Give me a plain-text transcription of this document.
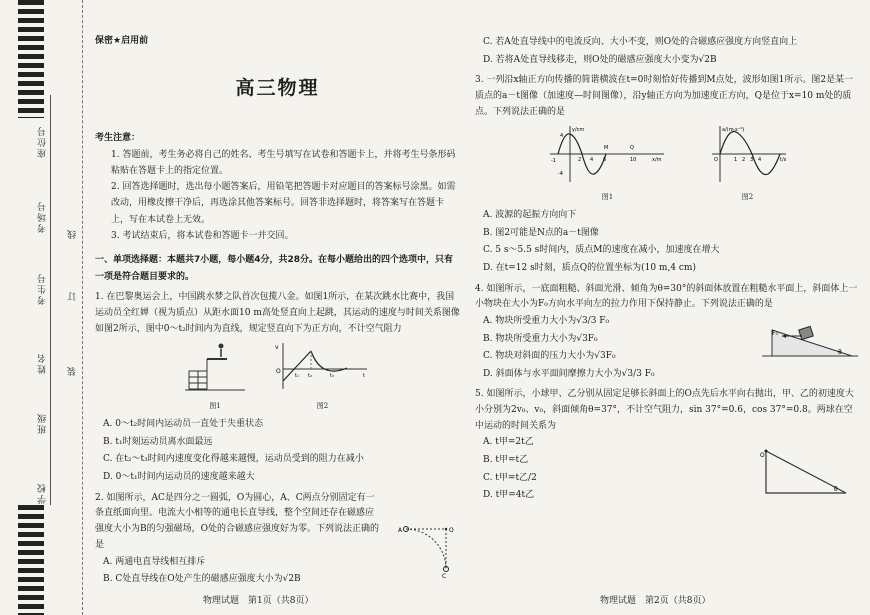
座位号
考场号
考生号
姓名
班级
学校
线
订
装
保密★启用前
高三物理
考生注意：
1. 答题前，考生务必将自己的姓名、考生号填写在试卷和答题卡上，并将考生号条形码粘贴在答题卡上的指定位置。
2. 回答选择题时，选出每小题答案后，用铅笔把答题卡对应题目的答案标号涂黑。如需改动，用橡皮擦干净后，再选涂其他答案标号。回答非选择题时，将答案写在答题卡上，写在本试卷上无效。
3. 考试结束后，将本试卷和答题卡一并交回。
一、单项选择题：本题共7小题，每小题4分，共28分。在每小题给出的四个选项中，只有一项是符合题目要求的。
1. 在巴黎奥运会上，中国跳水梦之队首次包揽八金。如图1所示，在某次跳水比赛中，我国运动员全红婵（视为质点）从距水面10 m高处竖直向上起跳，其运动的速度与时间关系图像如图2所示，图中0～t₂时间内为直线，规定竖直向下为正方向，不计空气阻力
图1
v
O
t₁ t₂	t₃	t
图2
A. 0～t₂时间内运动员一直处于失重状态
B. t₁时刻运动员离水面最远
C. 在t₂～t₃时间内速度变化得越来越慢，运动员受到的阻力在减小
D. 0～t₁时间内运动员的速度越来越大
2. 如图所示，AC是四分之一圆弧，O为圆心，A、C两点分别固定有一条直纸面向里、电流大小相等的通电长直导线，整个空间还存在磁感应强度大小为B的匀强磁场，O处的合磁感应强度好为零。下列说法正确的是
A. 两通电直导线相互排斥
B. C处直导线在O处产生的磁感应强度大小为√2B
A	O
C
物理试题　第1页（共8页）
C. 若A处直导线中的电流反向、大小不变，则O处的合磁感应强度方向竖直向上
D. 若将A处直导线移走，则O处的磁感应强度大小变为√2B
3. 一列沿x轴正方向传播的简谐横波在t=0时刻恰好传播到M点处，波形如图1所示。图2是某一质点的a－t图像（加速度—时间图像），沿y轴正方向为加速度正方向，Q是位于x=10 m处的质点。下列说法正确的是
y/cm
x/m
-1	2 4 6	10
M	Q
4
-4
图1
a/(m·s⁻²)
t/s
O	1 2 3 4
图2
A. 波源的起振方向向下
B. 图2可能是N点的a－t图像
C. 5 s～5.5 s时间内，质点M的速度在减小，加速度在增大
D. 在t=12 s时刻，质点Q的位置坐标为(10 m,4 cm)
4. 如图所示，一底面粗糙、斜面光滑、倾角为θ=30°的斜面体放置在粗糙水平面上，斜面体上一小物块在大小为F₀方向水平向左的拉力作用下保持静止。下列说法正确的是
A. 物块所受重力大小为√3/3 F₀
B. 物块所受重力大小为√3F₀
C. 物块对斜面的压力大小为√3F₀
D. 斜面体与水平面间摩擦力大小为√3/3 F₀
F₀
θ
5. 如图所示，小球甲、乙分别从固定足够长斜面上的O点先后水平向右抛出，甲、乙的初速度大小分别为2v₀、v₀，斜面倾角θ=37°，不计空气阻力，sin 37°=0.6，cos 37°=0.8。两球在空中运动的时间关系为
A. t甲=2t乙
B. t甲=t乙
C. t甲=t乙/2
D. t甲=4t乙
O
θ
物理试题　第2页（共8页）
